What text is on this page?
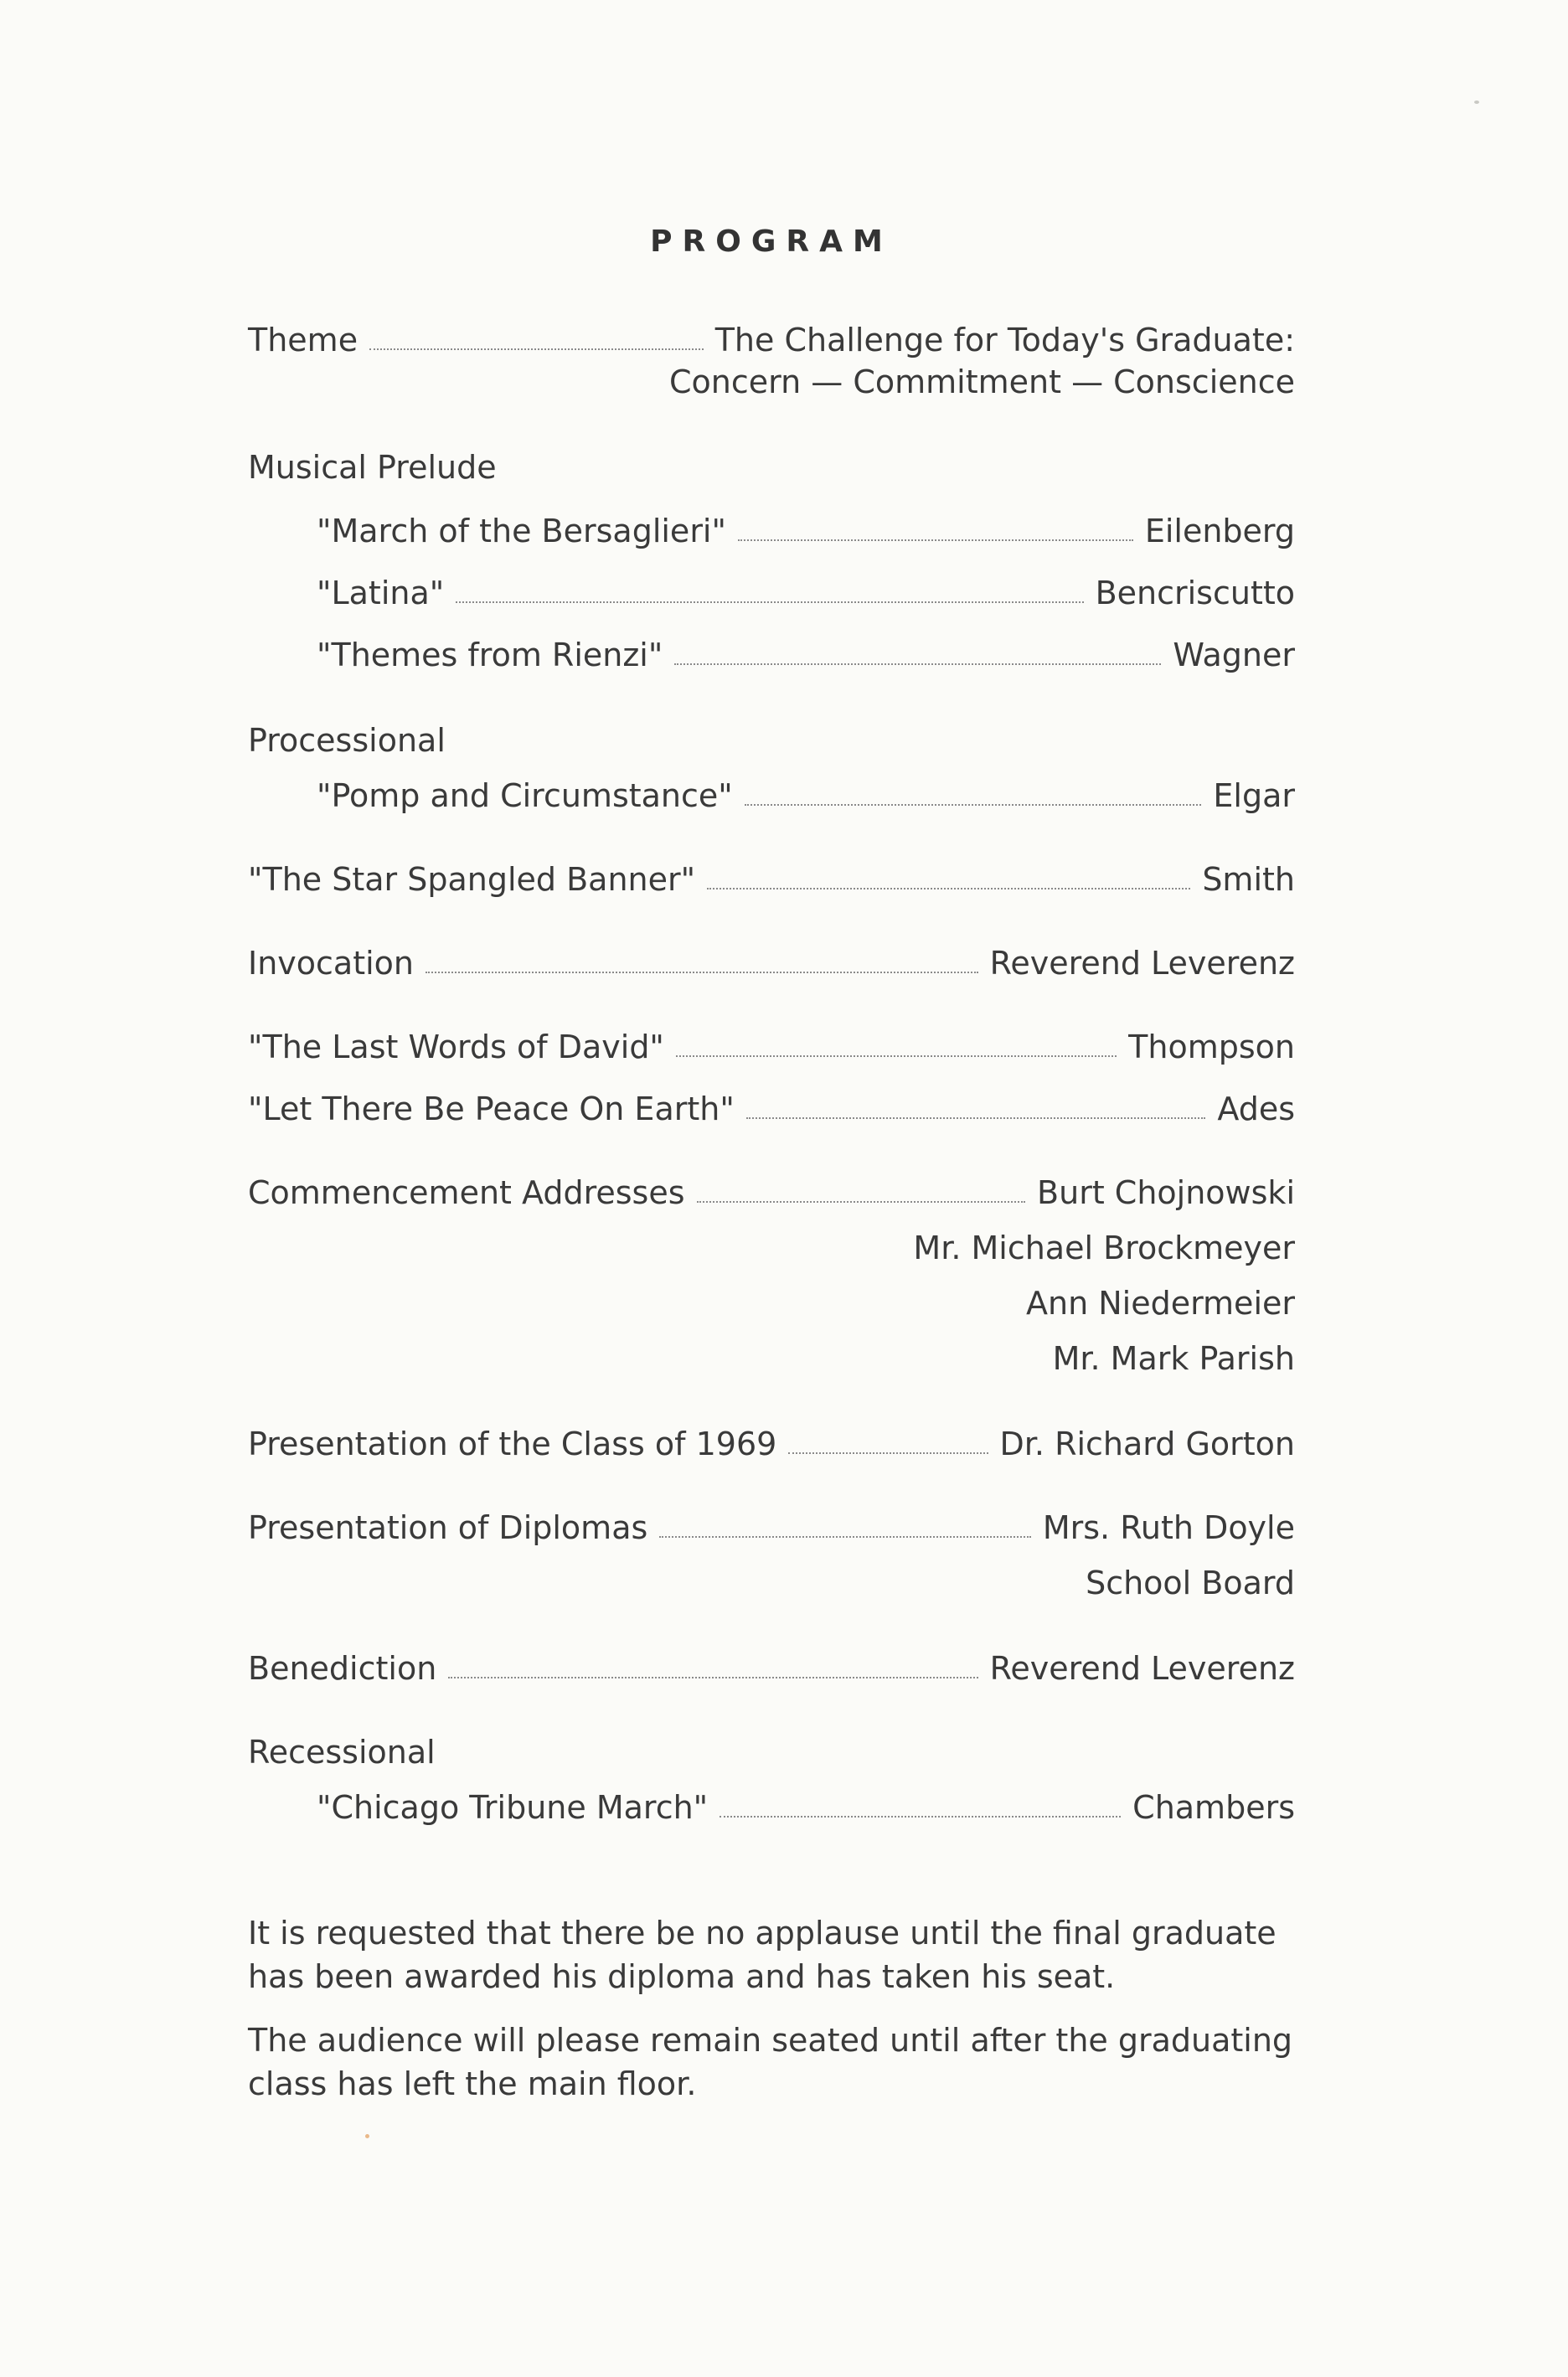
PROGRAM
Theme	The Challenge for Today's Graduate:
Concern — Commitment — Conscience
Musical Prelude
"March of the Bersaglieri"	Eilenberg
"Latina"	Bencriscutto
"Themes from Rienzi"	Wagner
Processional
"Pomp and Circumstance"	Elgar
"The Star Spangled Banner"	Smith
Invocation	Reverend Leverenz
"The Last Words of David"	Thompson
"Let There Be Peace On Earth"	Ades
Commencement Addresses	Burt Chojnowski
Mr. Michael Brockmeyer
Ann Niedermeier
Mr. Mark Parish
Presentation of the Class of 1969	Dr. Richard Gorton
Presentation of Diplomas	Mrs. Ruth Doyle
School Board
Benediction	Reverend Leverenz
Recessional
"Chicago Tribune March"	Chambers
It is requested that there be no applause until the final graduate
has been awarded his diploma and has taken his seat.
The audience will please remain seated until after the graduating
class has left the main floor.
